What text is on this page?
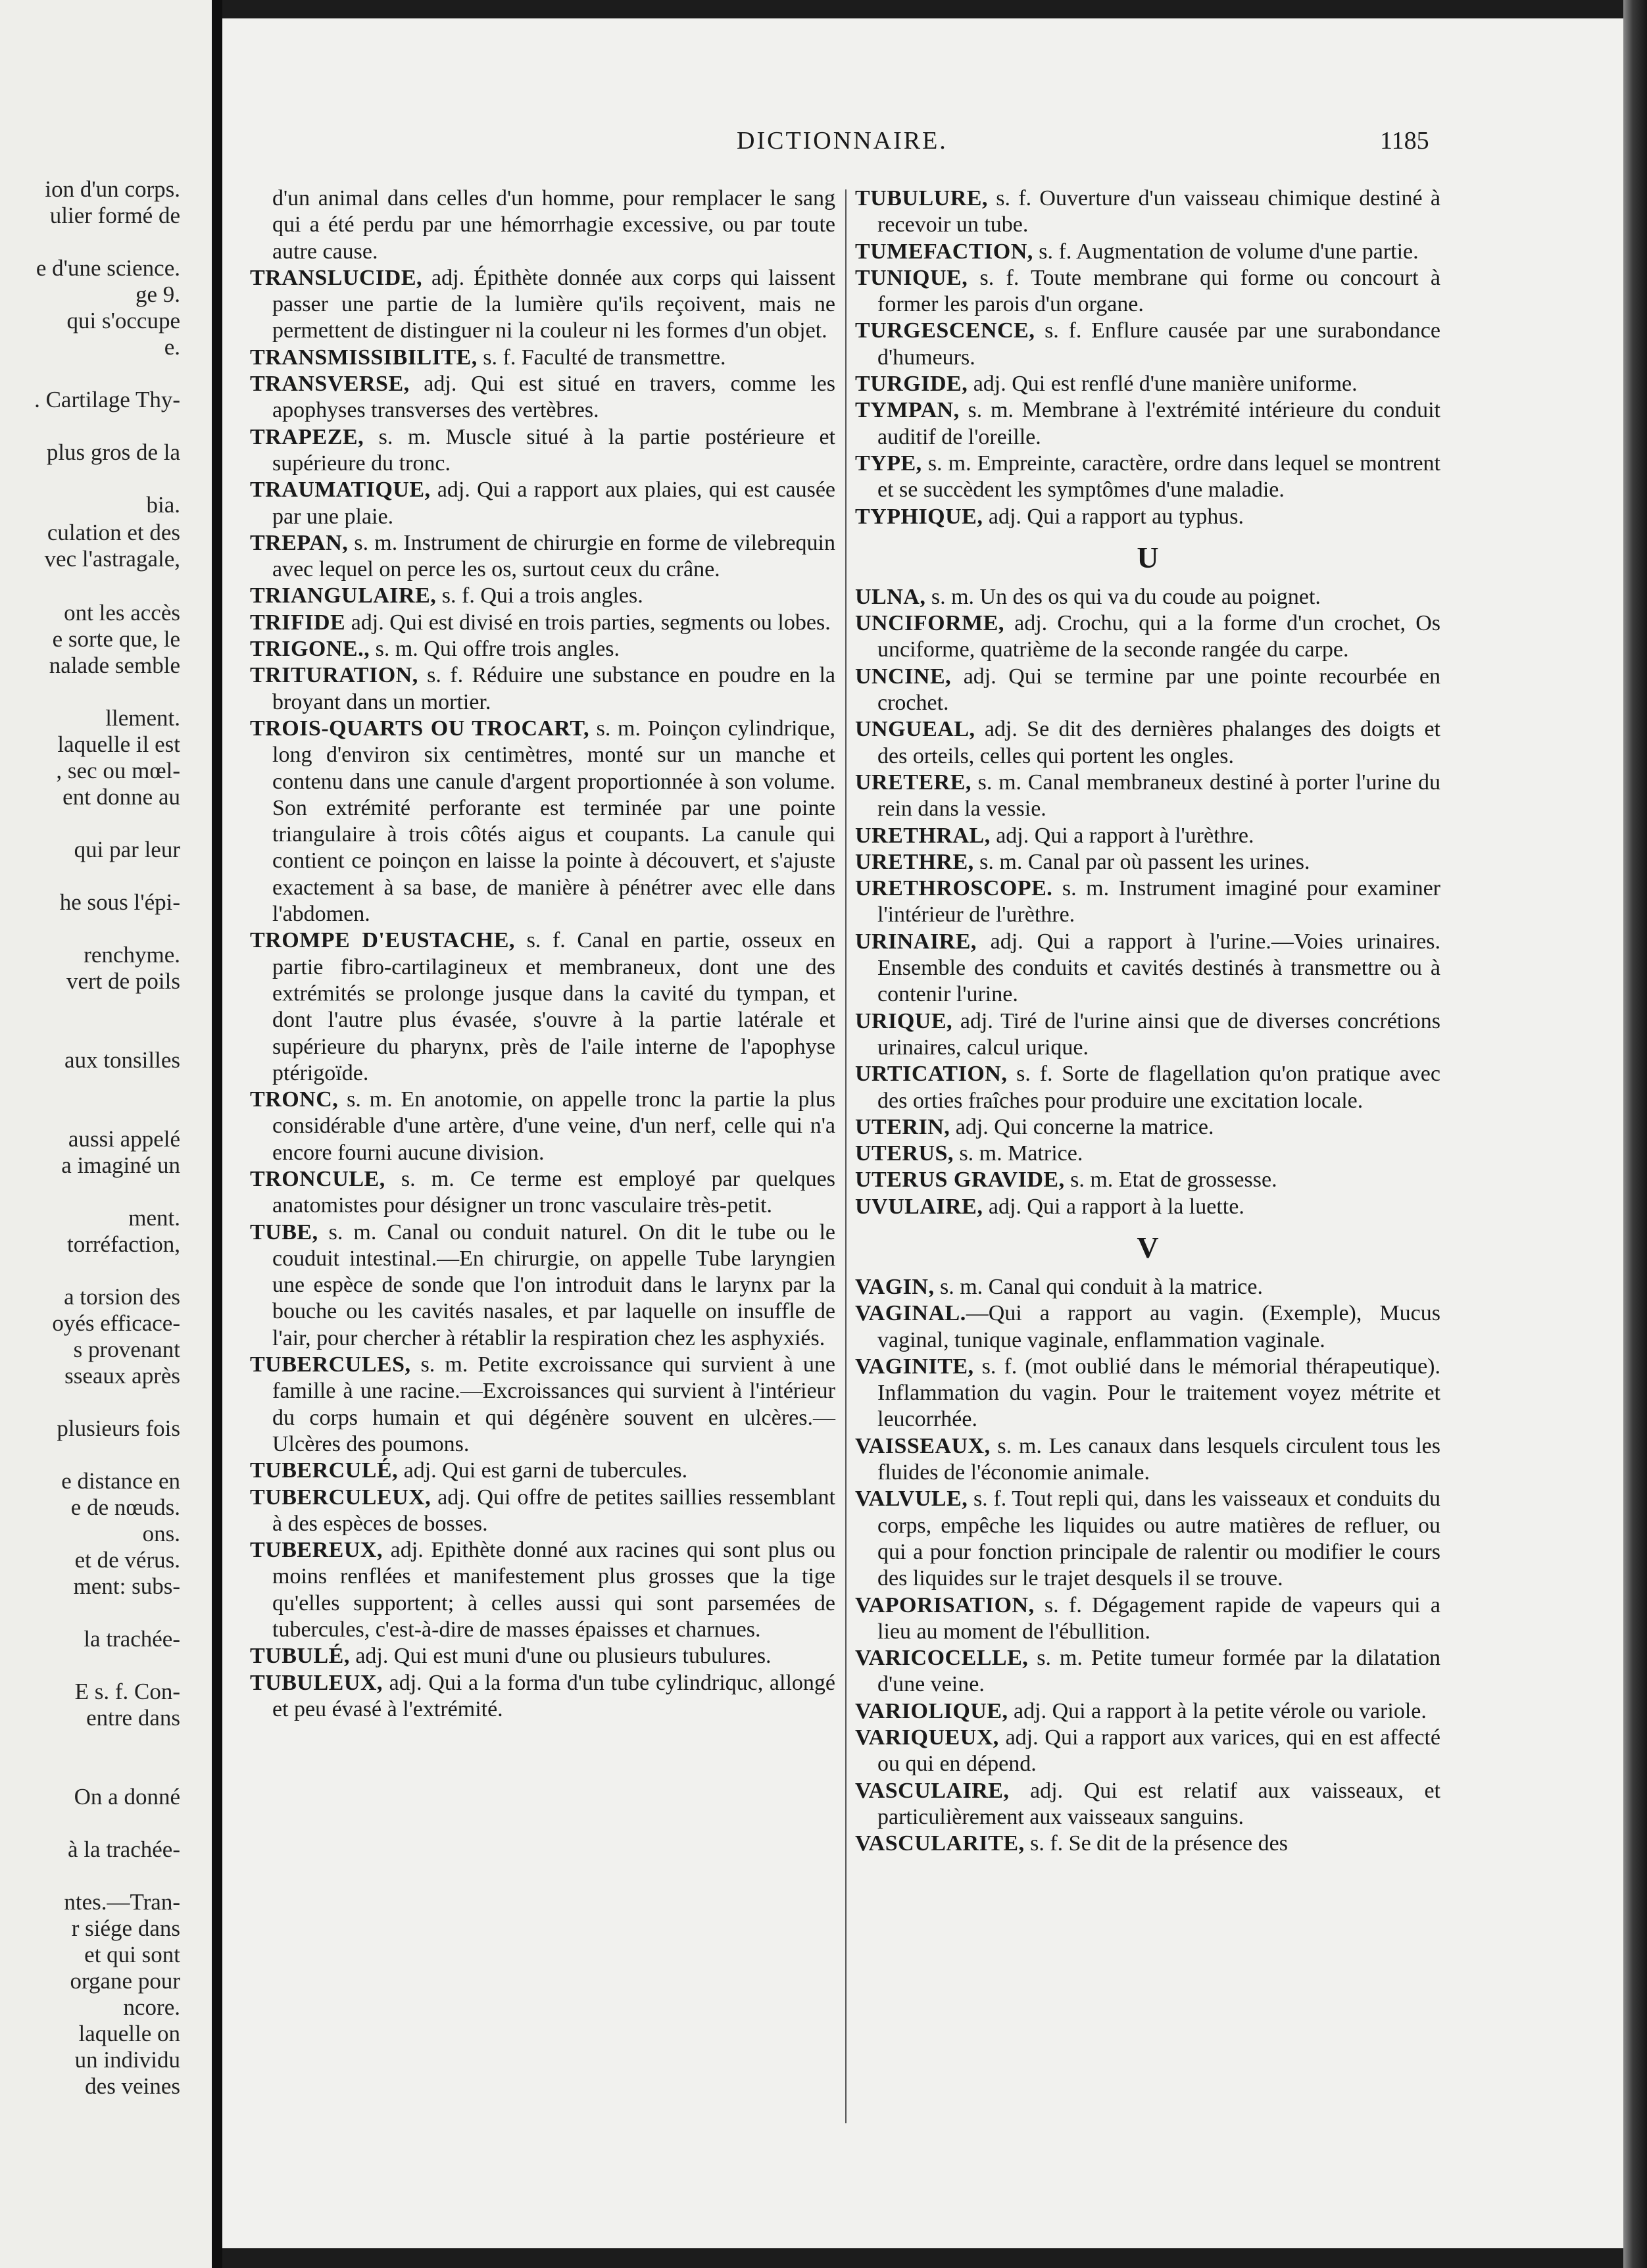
ion d'un corps.
ulier formé de
e d'une science.
ge 9.
qui s'occupe
e.
. Cartilage Thy-
plus gros de la
bia.
culation et des
vec l'astragale,
ont les accès
e sorte que, le
nalade semble
llement.
laquelle il est
, sec ou mœl-
ent donne au
qui par leur
he sous l'épi-
renchyme.
vert de poils
aux tonsilles
aussi appelé
a imaginé un
ment.
torréfaction,
a torsion des
oyés efficace-
s provenant
sseaux après
plusieurs fois
e distance en
e de nœuds.
ons.
et de vérus.
ment: subs-
la trachée-
E s. f. Con-
entre dans
On a donné
à la trachée-
ntes.—Tran-
r siége dans
et qui sont
organe pour
ncore.
laquelle on
un individu
des veines
DICTIONNAIRE.	1185

d'un animal dans celles d'un homme, pour remplacer le sang qui a été perdu par une hémorrhagie excessive, ou par toute autre cause.

TRANSLUCIDE, adj. Épithète donnée aux corps qui laissent passer une partie de la lumière qu'ils reçoivent, mais ne permettent de distinguer ni la couleur ni les formes d'un objet.

TRANSMISSIBILITE, s. f. Faculté de transmettre.

TRANSVERSE, adj. Qui est situé en travers, comme les apophyses transverses des vertèbres.

TRAPEZE, s. m. Muscle situé à la partie postérieure et supérieure du tronc.

TRAUMATIQUE, adj. Qui a rapport aux plaies, qui est causée par une plaie.

TREPAN, s. m. Instrument de chirurgie en forme de vilebrequin avec lequel on perce les os, surtout ceux du crâne.

TRIANGULAIRE, s. f. Qui a trois angles.

TRIFIDE adj. Qui est divisé en trois parties, segments ou lobes.

TRIGONE., s. m. Qui offre trois angles.

TRITURATION, s. f. Réduire une substance en poudre en la broyant dans un mortier.

TROIS-QUARTS OU TROCART, s. m. Poinçon cylindrique, long d'environ six centimètres, monté sur un manche et contenu dans une canule d'argent proportionnée à son volume. Son extrémité perforante est terminée par une pointe triangulaire à trois côtés aigus et coupants. La canule qui contient ce poinçon en laisse la pointe à découvert, et s'ajuste exactement à sa base, de manière à pénétrer avec elle dans l'abdomen.

TROMPE D'EUSTACHE, s. f. Canal en partie, osseux en partie fibro-cartilagineux et membraneux, dont une des extrémités se prolonge jusque dans la cavité du tympan, et dont l'autre plus évasée, s'ouvre à la partie latérale et supérieure du pharynx, près de l'aile interne de l'apophyse ptérigoïde.

TRONC, s. m. En anotomie, on appelle tronc la partie la plus considérable d'une artère, d'une veine, d'un nerf, celle qui n'a encore fourni aucune division.

TRONCULE, s. m. Ce terme est employé par quelques anatomistes pour désigner un tronc vasculaire très-petit.

TUBE, s. m. Canal ou conduit naturel. On dit le tube ou le couduit intestinal.—En chirurgie, on appelle Tube laryngien une espèce de sonde que l'on introduit dans le larynx par la bouche ou les cavités nasales, et par laquelle on insuffle de l'air, pour chercher à rétablir la respiration chez les asphyxiés.

TUBERCULES, s. m. Petite excroissance qui survient à une famille à une racine.—Excroissances qui survient à l'intérieur du corps humain et qui dégénère souvent en ulcères.— Ulcères des poumons.

TUBERCULÉ, adj. Qui est garni de tubercules.

TUBERCULEUX, adj. Qui offre de petites saillies ressemblant à des espèces de bosses.

TUBEREUX, adj. Epithète donné aux racines qui sont plus ou moins renflées et manifestement plus grosses que la tige qu'elles supportent; à celles aussi qui sont parsemées de tubercules, c'est-à-dire de masses épaisses et charnues.

TUBULÉ, adj. Qui est muni d'une ou plusieurs tubulures.

TUBULEUX, adj. Qui a la forma d'un tube cylindriquc, allongé et peu évasé à l'extrémité.

TUBULURE, s. f. Ouverture d'un vaisseau chimique destiné à recevoir un tube.

TUMEFACTION, s. f. Augmentation de volume d'une partie.

TUNIQUE, s. f. Toute membrane qui forme ou concourt à former les parois d'un organe.

TURGESCENCE, s. f. Enflure causée par une surabondance d'humeurs.

TURGIDE, adj. Qui est renflé d'une manière uniforme.

TYMPAN, s. m. Membrane à l'extrémité intérieure du conduit auditif de l'oreille.

TYPE, s. m. Empreinte, caractère, ordre dans lequel se montrent et se succèdent les symptômes d'une maladie.

TYPHIQUE, adj. Qui a rapport au typhus.

U

ULNA, s. m. Un des os qui va du coude au poignet.

UNCIFORME, adj. Crochu, qui a la forme d'un crochet, Os unciforme, quatrième de la seconde rangée du carpe.

UNCINE, adj. Qui se termine par une pointe recourbée en crochet.

UNGUEAL, adj. Se dit des dernières phalanges des doigts et des orteils, celles qui portent les ongles.

URETERE, s. m. Canal membraneux destiné à porter l'urine du rein dans la vessie.

URETHRAL, adj. Qui a rapport à l'urèthre.

URETHRE, s. m. Canal par où passent les urines.

URETHROSCOPE. s. m. Instrument imaginé pour examiner l'intérieur de l'urèthre.

URINAIRE, adj. Qui a rapport à l'urine.—Voies urinaires. Ensemble des conduits et cavités destinés à transmettre ou à contenir l'urine.

URIQUE, adj. Tiré de l'urine ainsi que de diverses concrétions urinaires, calcul urique.

URTICATION, s. f. Sorte de flagellation qu'on pratique avec des orties fraîches pour produire une excitation locale.

UTERIN, adj. Qui concerne la matrice.

UTERUS, s. m. Matrice.

UTERUS GRAVIDE, s. m. Etat de grossesse.

UVULAIRE, adj. Qui a rapport à la luette.

V

VAGIN, s. m. Canal qui conduit à la matrice.

VAGINAL.—Qui a rapport au vagin. (Exemple), Mucus vaginal, tunique vaginale, enflammation vaginale.

VAGINITE, s. f. (mot oublié dans le mémorial thérapeutique). Inflammation du vagin. Pour le traitement voyez métrite et leucorrhée.

VAISSEAUX, s. m. Les canaux dans lesquels circulent tous les fluides de l'économie animale.

VALVULE, s. f. Tout repli qui, dans les vaisseaux et conduits du corps, empêche les liquides ou autre matières de refluer, ou qui a pour fonction principale de ralentir ou modifier le cours des liquides sur le trajet desquels il se trouve.

VAPORISATION, s. f. Dégagement rapide de vapeurs qui a lieu au moment de l'ébullition.

VARICOCELLE, s. m. Petite tumeur formée par la dilatation d'une veine.

VARIOLIQUE, adj. Qui a rapport à la petite vérole ou variole.

VARIQUEUX, adj. Qui a rapport aux varices, qui en est affecté ou qui en dépend.

VASCULAIRE, adj. Qui est relatif aux vaisseaux, et particulièrement aux vaisseaux sanguins.

VASCULARITE, s. f. Se dit de la présence des
